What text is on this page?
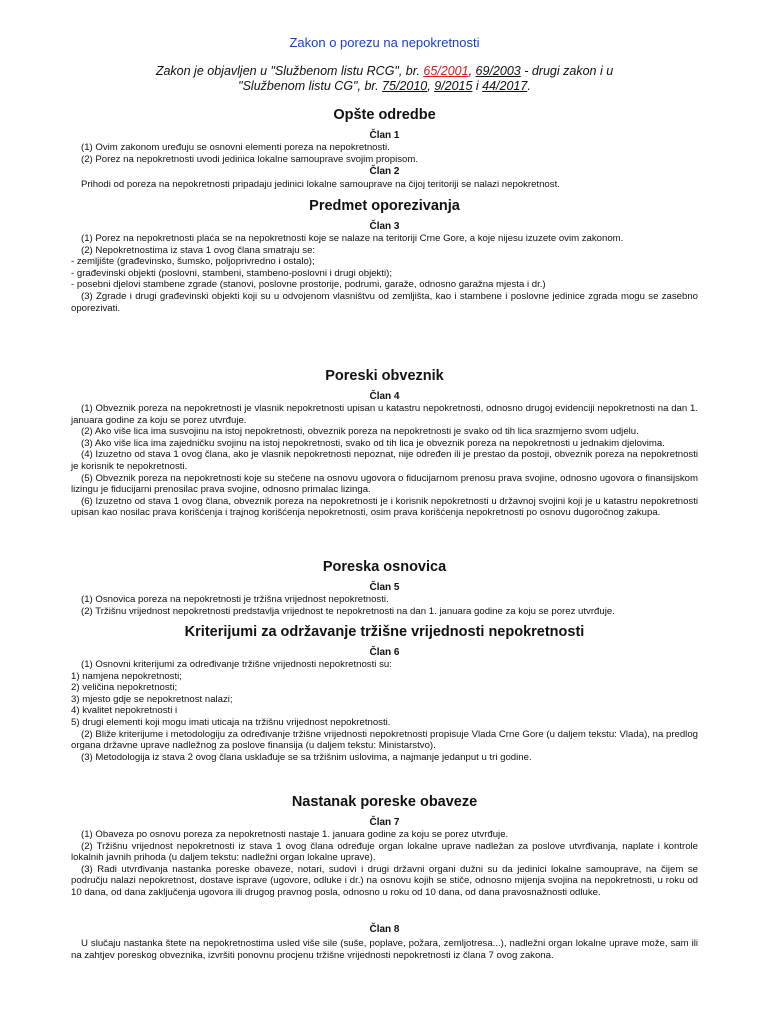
Zakon o porezu na nepokretnosti
Zakon je objavljen u "Službenom listu RCG", br. 65/2001, 69/2003 - drugi zakon i u
"Službenom listu CG", br. 75/2010, 9/2015 i 44/2017.
Opšte odredbe
Član 1
(1) Ovim zakonom uređuju se osnovni elementi poreza na nepokretnosti.
(2) Porez na nepokretnosti uvodi jedinica lokalne samouprave svojim propisom.
Član 2
Prihodi od poreza na nepokretnosti pripadaju jedinici lokalne samouprave na čijoj teritoriji se nalazi nepokretnost.
Predmet oporezivanja
Član 3
(1) Porez na nepokretnosti plaća se na nepokretnosti koje se nalaze na teritoriji Crne Gore, a koje nijesu izuzete ovim zakonom.
(2) Nepokretnostima iz stava 1 ovog člana smatraju se:
- zemljište (građevinsko, šumsko, poljoprivredno i ostalo);
- građevinski objekti (poslovni, stambeni, stambeno-poslovni i drugi objekti);
- posebni djelovi stambene zgrade (stanovi, poslovne prostorije, podrumi, garaže, odnosno garažna mjesta i dr.)
(3) Zgrade i drugi građevinski objekti koji su u odvojenom vlasništvu od zemljišta, kao i stambene i poslovne jedinice zgrada mogu se zasebno oporezivati.
Poreski obveznik
Član 4
(1) Obveznik poreza na nepokretnosti je vlasnik nepokretnosti upisan u katastru nepokretnosti, odnosno drugoj evidenciji nepokretnosti na dan 1. januara godine za koju se porez utvrđuje.
(2) Ako više lica ima susvojinu na istoj nepokretnosti, obveznik poreza na nepokretnosti je svako od tih lica srazmjerno svom udjelu.
(3) Ako više lica ima zajedničku svojinu na istoj nepokretnosti, svako od tih lica je obveznik poreza na nepokretnosti u jednakim djelovima.
(4) Izuzetno od stava 1 ovog člana, ako je vlasnik nepokretnosti nepoznat, nije određen ili je prestao da postoji, obveznik poreza na nepokretnosti je korisnik te nepokretnosti.
(5) Obveznik poreza na nepokretnosti koje su stečene na osnovu ugovora o fiducijarnom prenosu prava svojine, odnosno ugovora o finansijskom lizingu je fiducijarni prenosilac prava svojine, odnosno primalac lizinga.
(6) Izuzetno od stava 1 ovog člana, obveznik poreza na nepokretnosti je i korisnik nepokretnosti u državnoj svojini koji je u katastru nepokretnosti upisan kao nosilac prava korišćenja i trajnog korišćenja nepokretnosti, osim prava korišćenja nepokretnosti po osnovu dugoročnog zakupa.
Poreska osnovica
Član 5
(1) Osnovica poreza na nepokretnosti je tržišna vrijednost nepokretnosti.
(2) Tržišnu vrijednost nepokretnosti predstavlja vrijednost te nepokretnosti na dan 1. januara godine za koju se porez utvrđuje.
Kriterijumi za održavanje tržišne vrijednosti nepokretnosti
Član 6
(1) Osnovni kriterijumi za određivanje tržišne vrijednosti nepokretnosti su:
1) namjena nepokretnosti;
2) veličina nepokretnosti;
3) mjesto gdje se nepokretnost nalazi;
4) kvalitet nepokretnosti i
5) drugi elementi koji mogu imati uticaja na tržišnu vrijednost nepokretnosti.
(2) Bliže kriterijume i metodologiju za određivanje tržišne vrijednosti nepokretnosti propisuje Vlada Crne Gore (u daljem tekstu: Vlada), na predlog organa državne uprave nadležnog za poslove finansija (u daljem tekstu: Ministarstvo).
(3) Metodologija iz stava 2 ovog člana usklađuje se sa tržišnim uslovima, a najmanje jedanput u tri godine.
Nastanak poreske obaveze
Član 7
(1) Obaveza po osnovu poreza za nepokretnosti nastaje 1. januara godine za koju se porez utvrđuje.
(2) Tržišnu vrijednost nepokretnosti iz stava 1 ovog člana određuje organ lokalne uprave nadležan za poslove utvrđivanja, naplate i kontrole lokalnih javnih prihoda (u daljem tekstu: nadležni organ lokalne uprave).
(3) Radi utvrđivanja nastanka poreske obaveze, notari, sudovi i drugi državni organi dužni su da jedinici lokalne samouprave, na čijem se području nalazi nepokretnost, dostave isprave (ugovore, odluke i dr.) na osnovu kojih se stiče, odnosno mijenja svojina na nepokretnosti, u roku od 10 dana, od dana zaključenja ugovora ili drugog pravnog posla, odnosno u roku od 10 dana, od dana pravosnažnosti odluke.
Član 8
U slučaju nastanka štete na nepokretnostima usled više sile (suše, poplave, požara, zemljotresa...), nadležni organ lokalne uprave može, sam ili na zahtjev poreskog obveznika, izvršiti ponovnu procjenu tržišne vrijednosti nepokretnosti iz člana 7 ovog zakona.
